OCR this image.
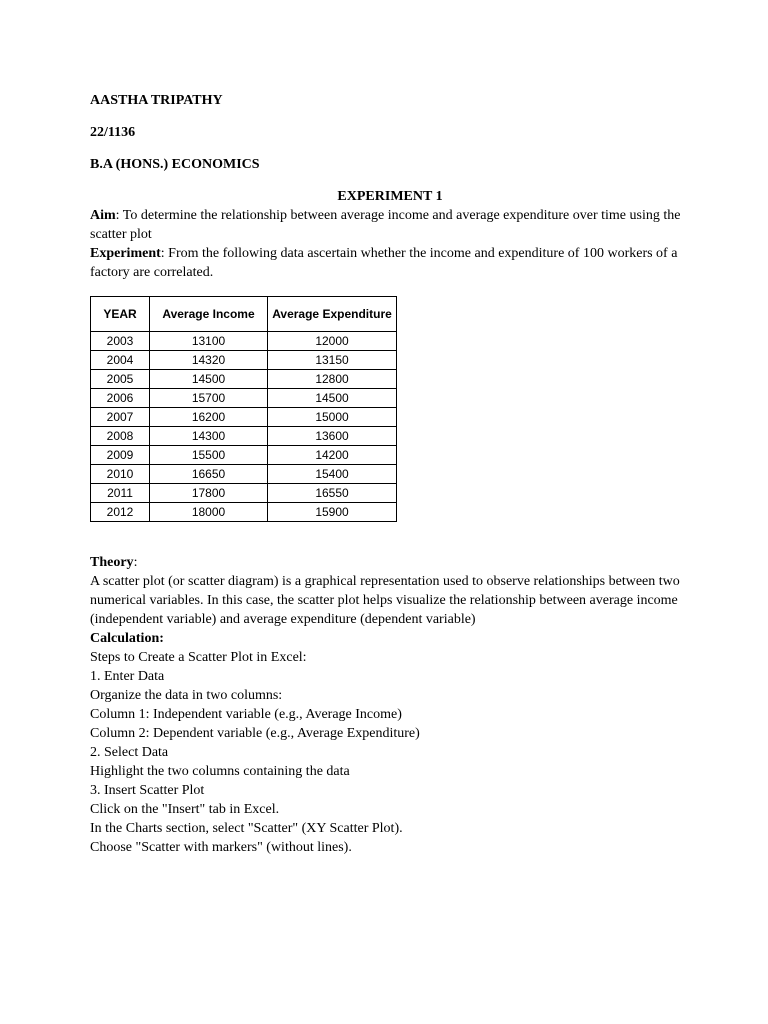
AASTHA TRIPATHY

22/1136

B.A (HONS.) ECONOMICS

EXPERIMENT 1

Aim: To determine the relationship between average income and average expenditure over time using the scatter plot

Experiment: From the following data ascertain whether the income and expenditure of 100 workers of a factory are correlated.

YEAR	Average Income	Average Expenditure
2003	13100	12000
2004	14320	13150
2005	14500	12800
2006	15700	14500
2007	16200	15000
2008	14300	13600
2009	15500	14200
2010	16650	15400
2011	17800	16550
2012	18000	15900

Theory:

A scatter plot (or scatter diagram) is a graphical representation used to observe relationships between two numerical variables. In this case, the scatter plot helps visualize the relationship between average income (independent variable) and average expenditure (dependent variable)

Calculation:

Steps to Create a Scatter Plot in Excel:

1. Enter Data

Organize the data in two columns:

Column 1: Independent variable (e.g., Average Income)

Column 2: Dependent variable (e.g., Average Expenditure)

2. Select Data

Highlight the two columns containing the data

3. Insert Scatter Plot

Click on the "Insert" tab in Excel.

In the Charts section, select "Scatter" (XY Scatter Plot).

Choose "Scatter with markers" (without lines).
